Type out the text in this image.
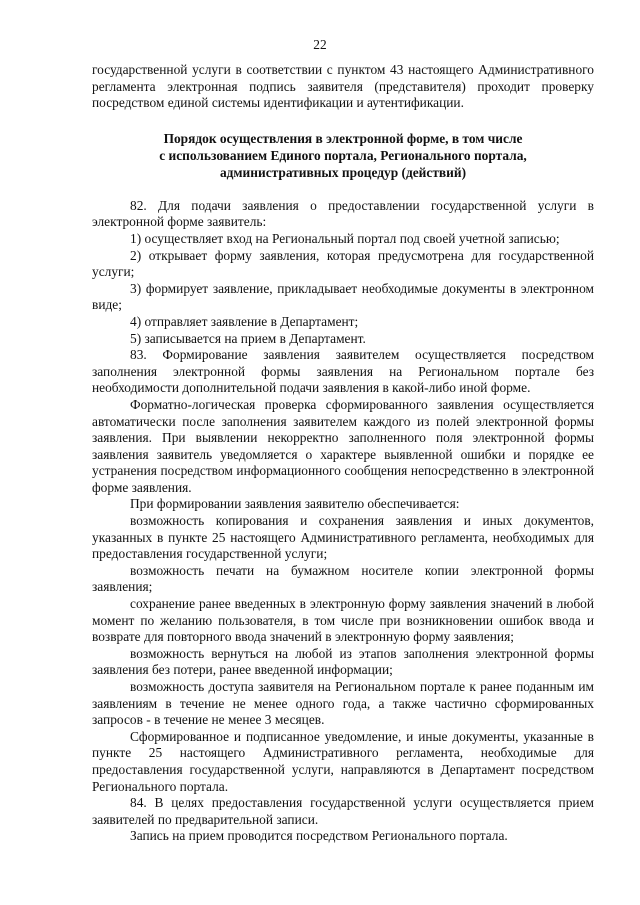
22

государственной услуги в соответствии с пунктом 43 настоящего Административного регламента электронная подпись заявителя (представителя) проходит проверку посредством единой системы идентификации и аутентификации.

Порядок осуществления в электронной форме, в том числе
с использованием Единого портала, Регионального портала,
административных процедур (действий)

82. Для подачи заявления о предоставлении государственной услуги в электронной форме заявитель:

1) осуществляет вход на Региональный портал под своей учетной записью;

2) открывает форму заявления, которая предусмотрена для государственной услуги;

3) формирует заявление, прикладывает необходимые документы в электронном виде;

4) отправляет заявление в Департамент;

5) записывается на прием в Департамент.

83. Формирование заявления заявителем осуществляется посредством заполнения электронной формы заявления на Региональном портале без необходимости дополнительной подачи заявления в какой-либо иной форме.

Форматно-логическая проверка сформированного заявления осуществляется автоматически после заполнения заявителем каждого из полей электронной формы заявления. При выявлении некорректно заполненного поля электронной формы заявления заявитель уведомляется о характере выявленной ошибки и порядке ее устранения посредством информационного сообщения непосредственно в электронной форме заявления.

При формировании заявления заявителю обеспечивается:

возможность копирования и сохранения заявления и иных документов, указанных в пункте 25 настоящего Административного регламента, необходимых для предоставления государственной услуги;

возможность печати на бумажном носителе копии электронной формы заявления;

сохранение ранее введенных в электронную форму заявления значений в любой момент по желанию пользователя, в том числе при возникновении ошибок ввода и возврате для повторного ввода значений в электронную форму заявления;

возможность вернуться на любой из этапов заполнения электронной формы заявления без потери, ранее введенной информации;

возможность доступа заявителя на Региональном портале к ранее поданным им заявлениям в течение не менее одного года, а также частично сформированных запросов - в течение не менее 3 месяцев.

Сформированное и подписанное уведомление, и иные документы, указанные в пункте 25 настоящего Административного регламента, необходимые для предоставления государственной услуги, направляются в Департамент посредством Регионального портала.

84. В целях предоставления государственной услуги осуществляется прием заявителей по предварительной записи.

Запись на прием проводится посредством Регионального портала.
